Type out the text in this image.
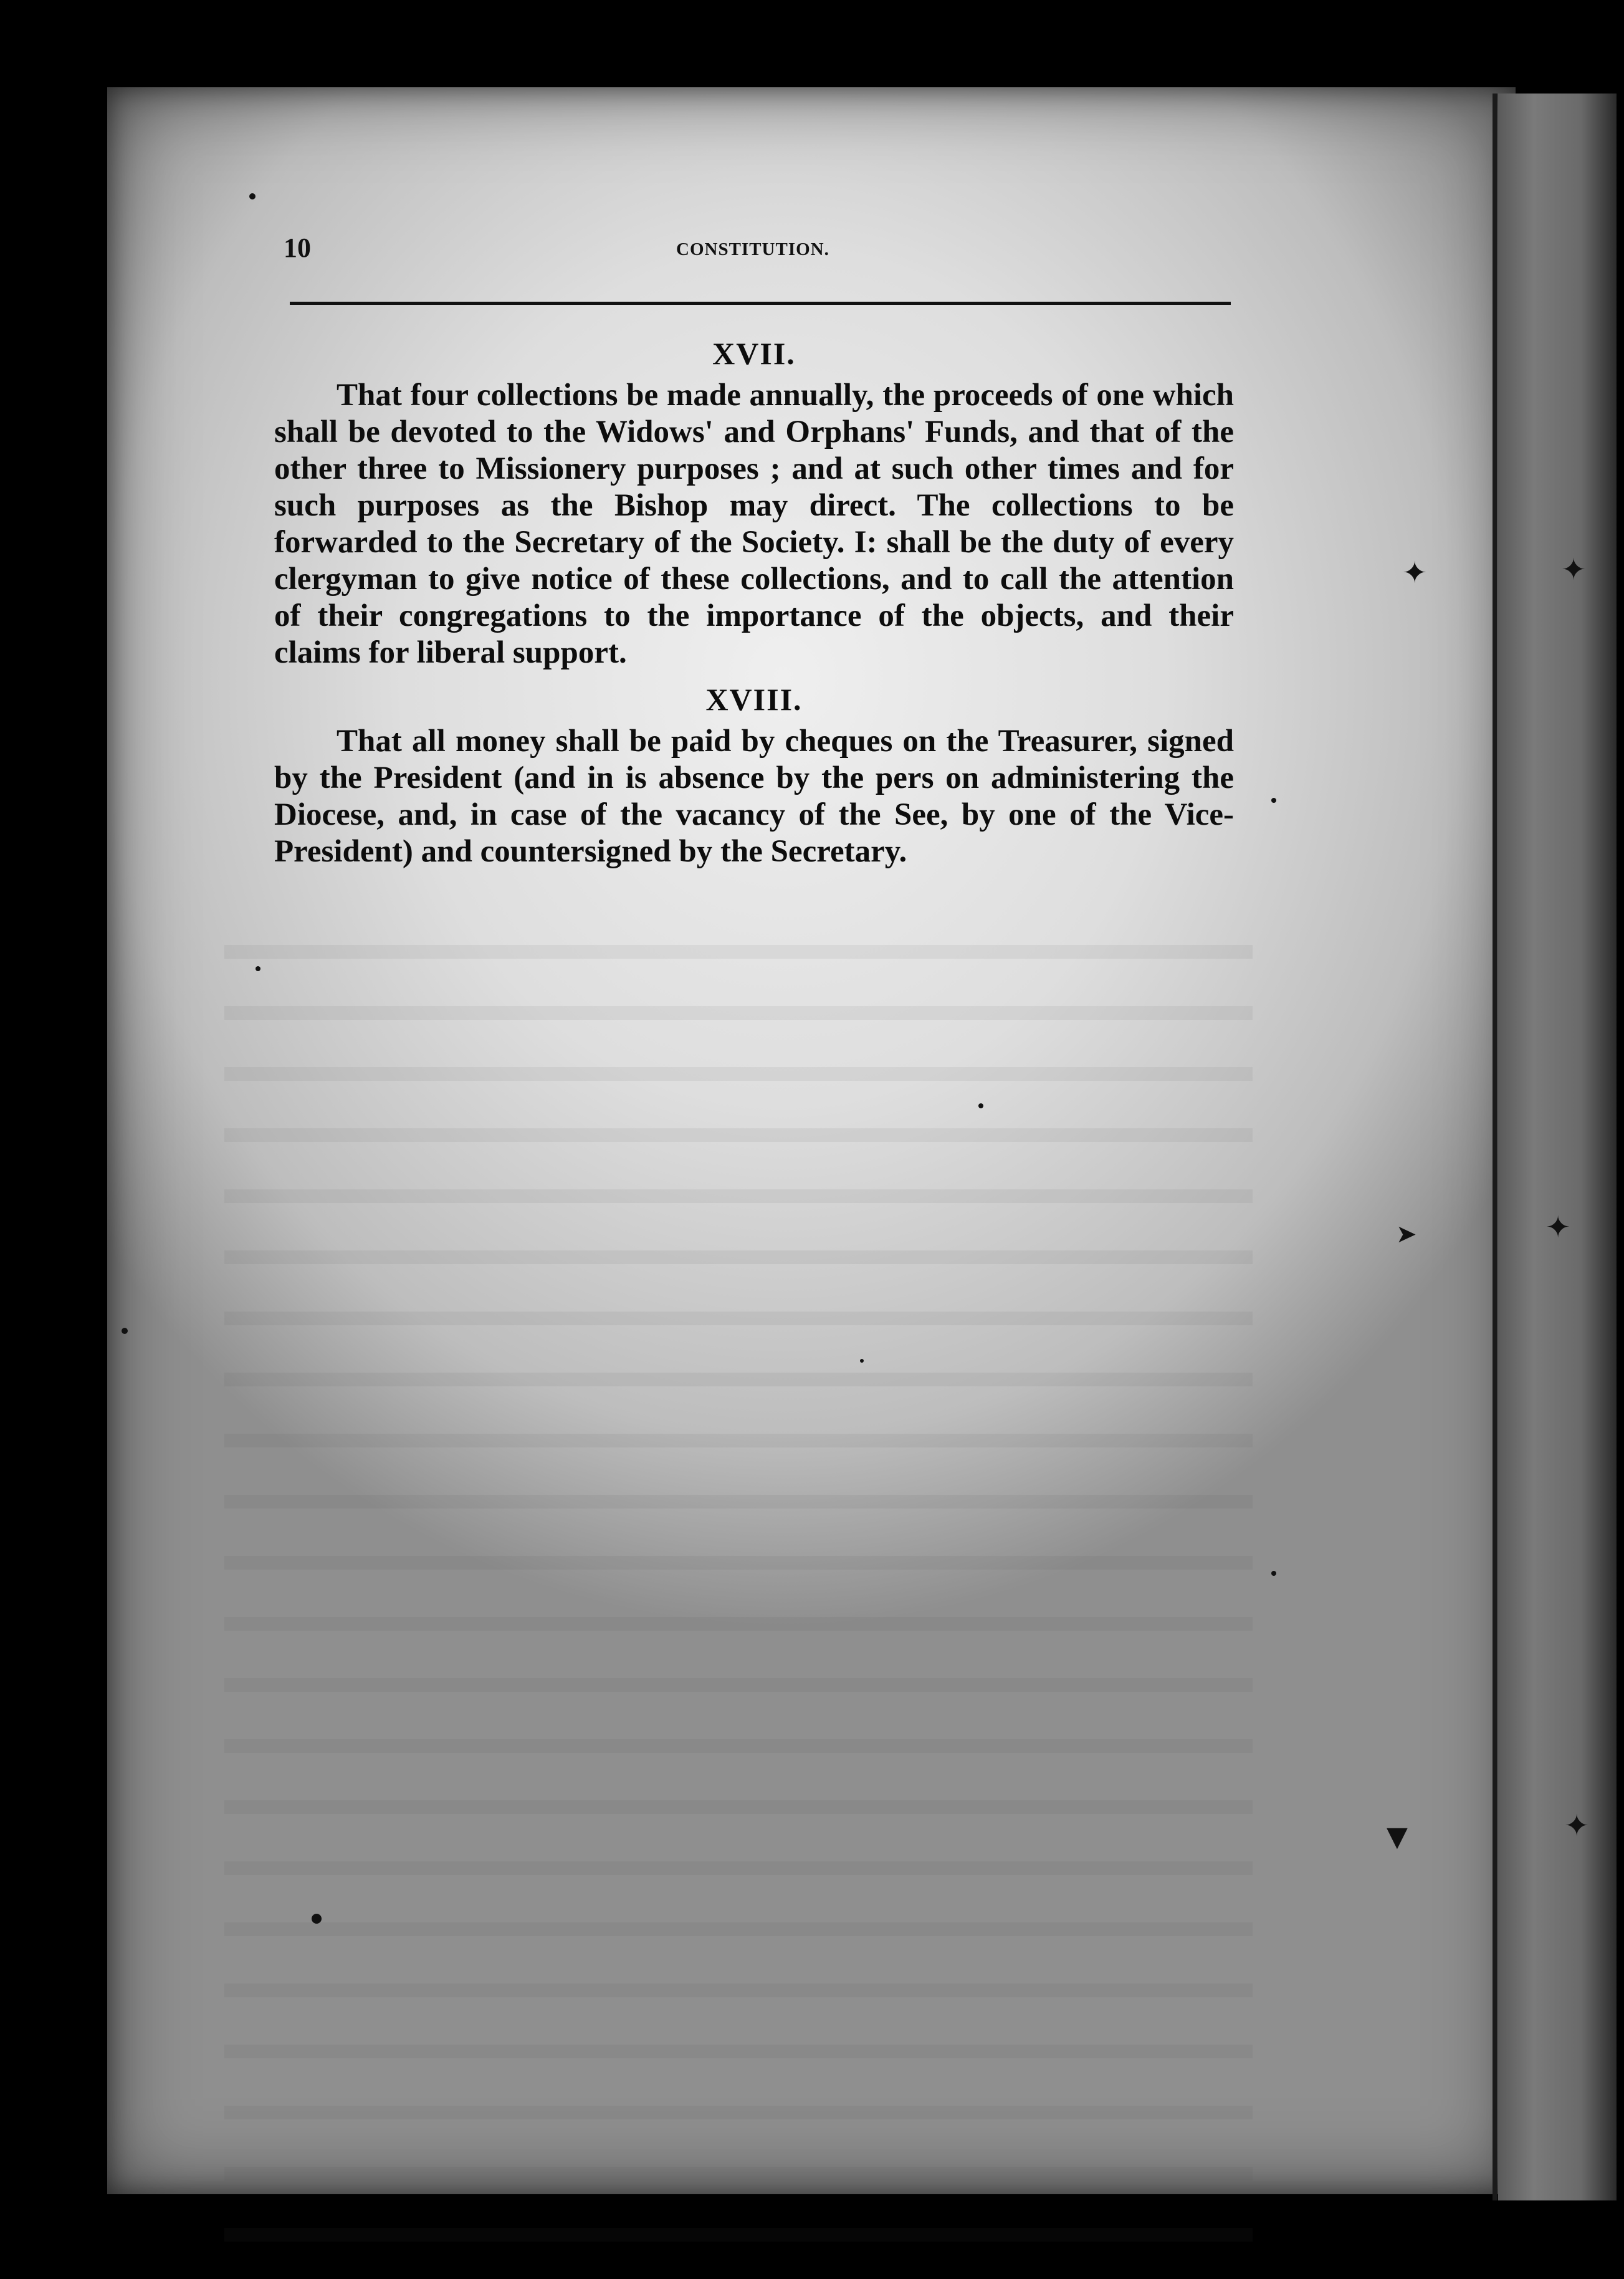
10	CONSTITUTION.
XVII.

That four collections be made annually, the proceeds of one which shall be devoted to the Widows' and Orphans' Funds, and that of the other three to Missionery purposes ; and at such other times and for such purposes as the Bishop may direct. The collections to be forwarded to the Secretary of the Society. I: shall be the duty of every clergyman to give notice of these collections, and to call the attention of their congregations to the importance of the objects, and their claims for liberal support.

XVIII.

That all money shall be paid by cheques on the Treasurer, signed by the President (and in is absence by the pers on administering the Diocese, and, in case of the vacancy of the See, by one of the Vice-President) and countersigned by the Secretary.

✦
➤	✦
▼
✦
✦
